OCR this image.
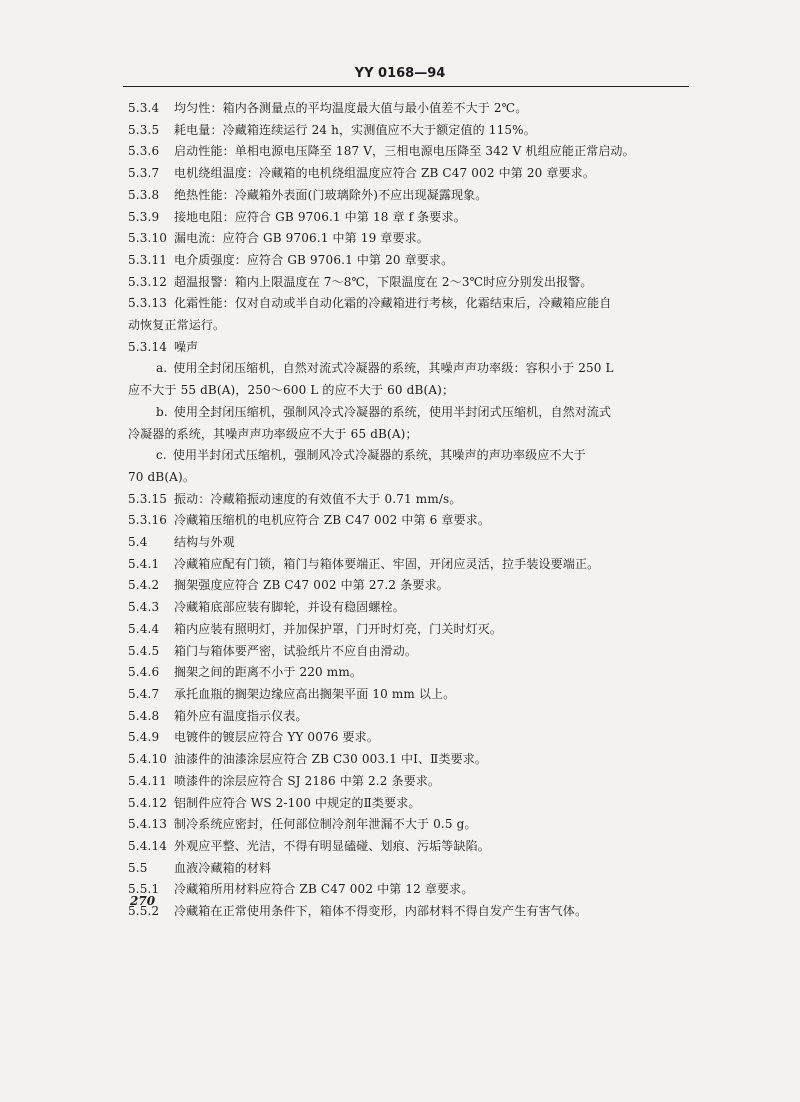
YY 0168—94
5.3.4 均匀性：箱内各测量点的平均温度最大值与最小值差不大于 2℃。
5.3.5 耗电量：冷藏箱连续运行 24 h，实测值应不大于额定值的 115%。
5.3.6 启动性能：单相电源电压降至 187 V，三相电源电压降至 342 V 机组应能正常启动。
5.3.7 电机绕组温度：冷藏箱的电机绕组温度应符合 ZB C47 002 中第 20 章要求。
5.3.8 绝热性能：冷藏箱外表面(门玻璃除外)不应出现凝露现象。
5.3.9 接地电阻：应符合 GB 9706.1 中第 18 章 f 条要求。
5.3.10 漏电流：应符合 GB 9706.1 中第 19 章要求。
5.3.11 电介质强度：应符合 GB 9706.1 中第 20 章要求。
5.3.12 超温报警：箱内上限温度在 7～8℃，下限温度在 2～3℃时应分别发出报警。
5.3.13 化霜性能：仅对自动或半自动化霜的冷藏箱进行考核，化霜结束后，冷藏箱应能自
动恢复正常运行。
5.3.14 噪声
a. 使用全封闭压缩机，自然对流式冷凝器的系统，其噪声声功率级：容积小于 250 L
应不大于 55 dB(A)，250～600 L 的应不大于 60 dB(A)；
b. 使用全封闭压缩机，强制风冷式冷凝器的系统，使用半封闭式压缩机，自然对流式
冷凝器的系统，其噪声声功率级应不大于 65 dB(A)；
c. 使用半封闭式压缩机，强制风冷式冷凝器的系统，其噪声的声功率级应不大于
70 dB(A)。
5.3.15 振动：冷藏箱振动速度的有效值不大于 0.71 mm/s。
5.3.16 冷藏箱压缩机的电机应符合 ZB C47 002 中第 6 章要求。
5.4 结构与外观
5.4.1 冷藏箱应配有门锁，箱门与箱体要端正、牢固，开闭应灵活，拉手装设要端正。
5.4.2 搁架强度应符合 ZB C47 002 中第 27.2 条要求。
5.4.3 冷藏箱底部应装有脚轮，并设有稳固螺栓。
5.4.4 箱内应装有照明灯，并加保护罩，门开时灯亮，门关时灯灭。
5.4.5 箱门与箱体要严密，试验纸片不应自由滑动。
5.4.6 搁架之间的距离不小于 220 mm。
5.4.7 承托血瓶的搁架边缘应高出搁架平面 10 mm 以上。
5.4.8 箱外应有温度指示仪表。
5.4.9 电镀件的镀层应符合 YY 0076 要求。
5.4.10 油漆件的油漆涂层应符合 ZB C30 003.1 中Ⅰ、Ⅱ类要求。
5.4.11 喷漆件的涂层应符合 SJ 2186 中第 2.2 条要求。
5.4.12 铝制件应符合 WS 2-100 中规定的Ⅱ类要求。
5.4.13 制冷系统应密封，任何部位制冷剂年泄漏不大于 0.5 g。
5.4.14 外观应平整、光洁，不得有明显磕碰、划痕、污垢等缺陷。
5.5 血液冷藏箱的材料
5.5.1 冷藏箱所用材料应符合 ZB C47 002 中第 12 章要求。
5.5.2 冷藏箱在正常使用条件下，箱体不得变形，内部材料不得自发产生有害气体。
270
